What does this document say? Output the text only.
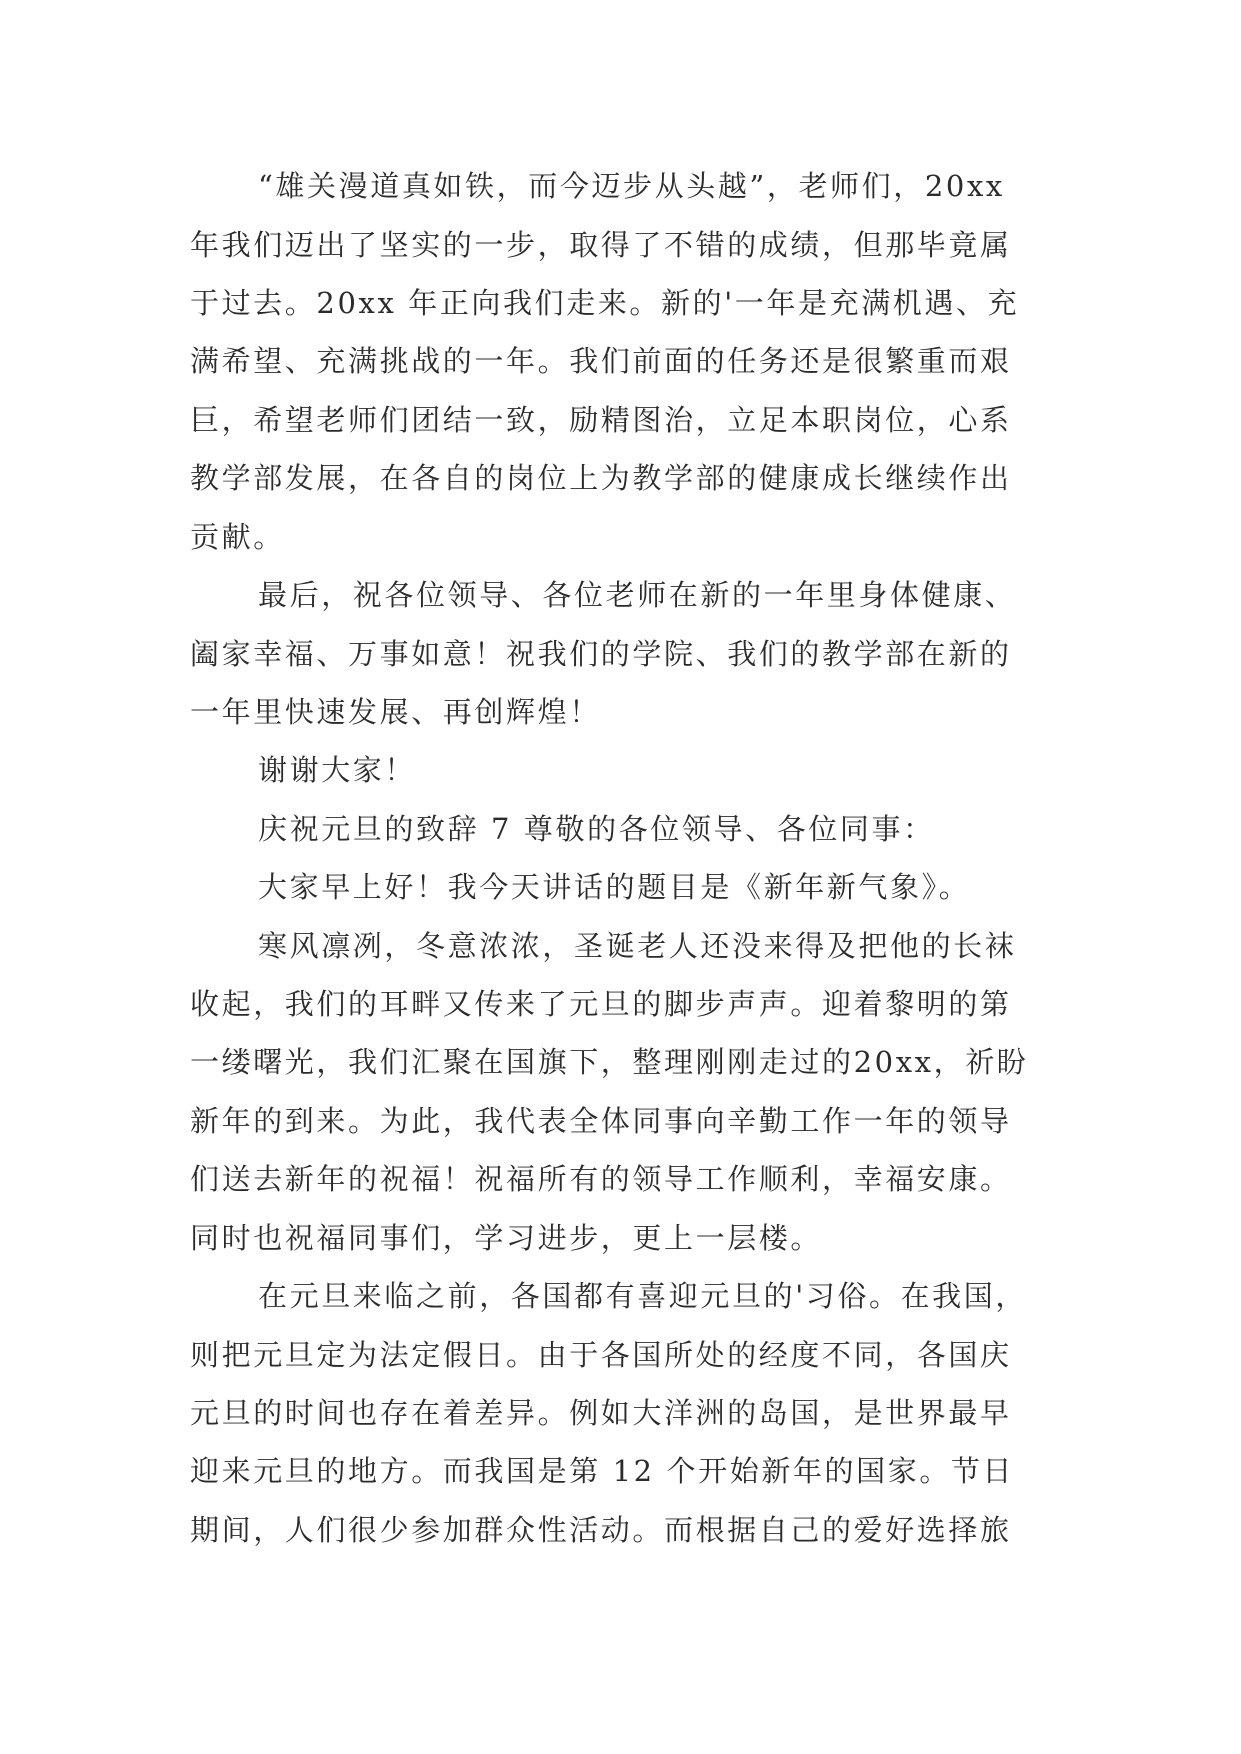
“雄关漫道真如铁，而今迈步从头越”，老师们，20xx
年我们迈出了坚实的一步，取得了不错的成绩，但那毕竟属
于过去。20xx 年正向我们走来。新的'一年是充满机遇、充
满希望、充满挑战的一年。我们前面的任务还是很繁重而艰
巨，希望老师们团结一致，励精图治，立足本职岗位，心系
教学部发展，在各自的岗位上为教学部的健康成长继续作出
贡献。
最后，祝各位领导、各位老师在新的一年里身体健康、
阖家幸福、万事如意！祝我们的学院、我们的教学部在新的
一年里快速发展、再创辉煌！
谢谢大家！
庆祝元旦的致辞 7 尊敬的各位领导、各位同事：
大家早上好！我今天讲话的题目是《新年新气象》。
寒风凛冽，冬意浓浓，圣诞老人还没来得及把他的长袜
收起，我们的耳畔又传来了元旦的脚步声声。迎着黎明的第
一缕曙光，我们汇聚在国旗下，整理刚刚走过的20xx，祈盼
新年的到来。为此，我代表全体同事向辛勤工作一年的领导
们送去新年的祝福！祝福所有的领导工作顺利，幸福安康。
同时也祝福同事们，学习进步，更上一层楼。
在元旦来临之前，各国都有喜迎元旦的'习俗。在我国，
则把元旦定为法定假日。由于各国所处的经度不同，各国庆
元旦的时间也存在着差异。例如大洋洲的岛国，是世界最早
迎来元旦的地方。而我国是第 12 个开始新年的国家。节日
期间，人们很少参加群众性活动。而根据自己的爱好选择旅
